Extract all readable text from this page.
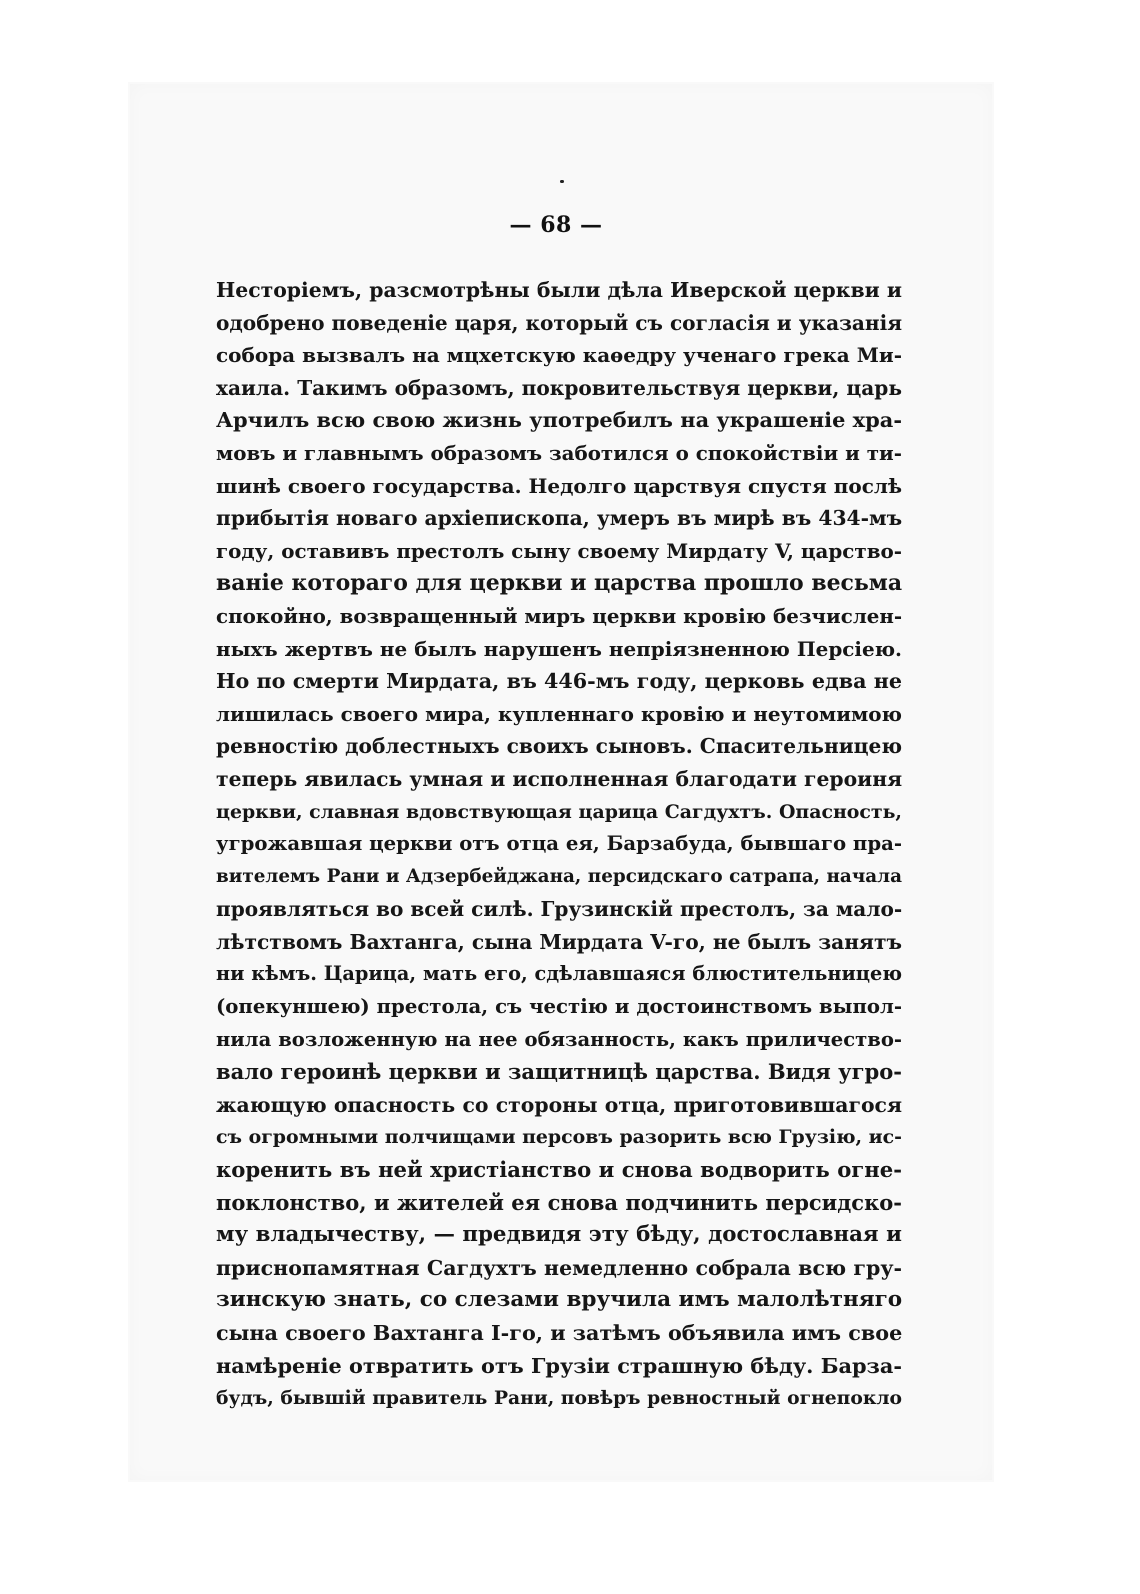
— 68 —
Несторіемъ, разсмотрѣны были дѣла Иверской церкви и
одобрено поведеніе царя, который съ согласія и указанія
собора вызвалъ на мцхетскую каѳедру ученаго грека Ми-
хаила. Такимъ образомъ, покровительствуя церкви, царь
Арчилъ всю свою жизнь употребилъ на украшеніе хра-
мовъ и главнымъ образомъ заботился о спокойствіи и ти-
шинѣ своего государства. Недолго царствуя спустя послѣ
прибытія новаго архіепископа, умеръ въ мирѣ въ 434-мъ
году, оставивъ престолъ сыну своему Мирдату V, царство-
ваніе котораго для церкви и царства прошло весьма
спокойно, возвращенный миръ церкви кровію безчислен-
ныхъ жертвъ не былъ нарушенъ непріязненною Персіею.
Но по смерти Мирдата, въ 446-мъ году, церковь едва не
лишилась своего мира, купленнаго кровію и неутомимою
ревностію доблестныхъ своихъ сыновъ. Спасительницею
теперь явилась умная и исполненная благодати героиня
церкви, славная вдовствующая царица Сагдухтъ. Опасность,
угрожавшая церкви отъ отца ея, Барзабуда, бывшаго пра-
вителемъ Рани и Адзербейджана, персидскаго сатрапа, начала
проявляться во всей силѣ. Грузинскій престолъ, за мало-
лѣтствомъ Вахтанга, сына Мирдата V-го, не былъ занятъ
ни кѣмъ. Царица, мать его, сдѣлавшаяся блюстительницею
(опекуншею) престола, съ честію и достоинствомъ выпол-
нила возложенную на нее обязанность, какъ приличество-
вало героинѣ церкви и защитницѣ царства. Видя угро-
жающую опасность со стороны отца, приготовившагося
съ огромными полчищами персовъ разорить всю Грузію, ис-
коренить въ ней христіанство и снова водворить огне-
поклонство, и жителей ея снова подчинить персидско-
му владычеству, — предвидя эту бѣду, достославная и
приснопамятная Сагдухтъ немедленно собрала всю гру-
зинскую знать, со слезами вручила имъ малолѣтняго
сына своего Вахтанга I-го, и затѣмъ объявила имъ свое
намѣреніе отвратить отъ Грузіи страшную бѣду. Барза-
будъ, бывшій правитель Рани, повѣръ ревностный огнепокло
